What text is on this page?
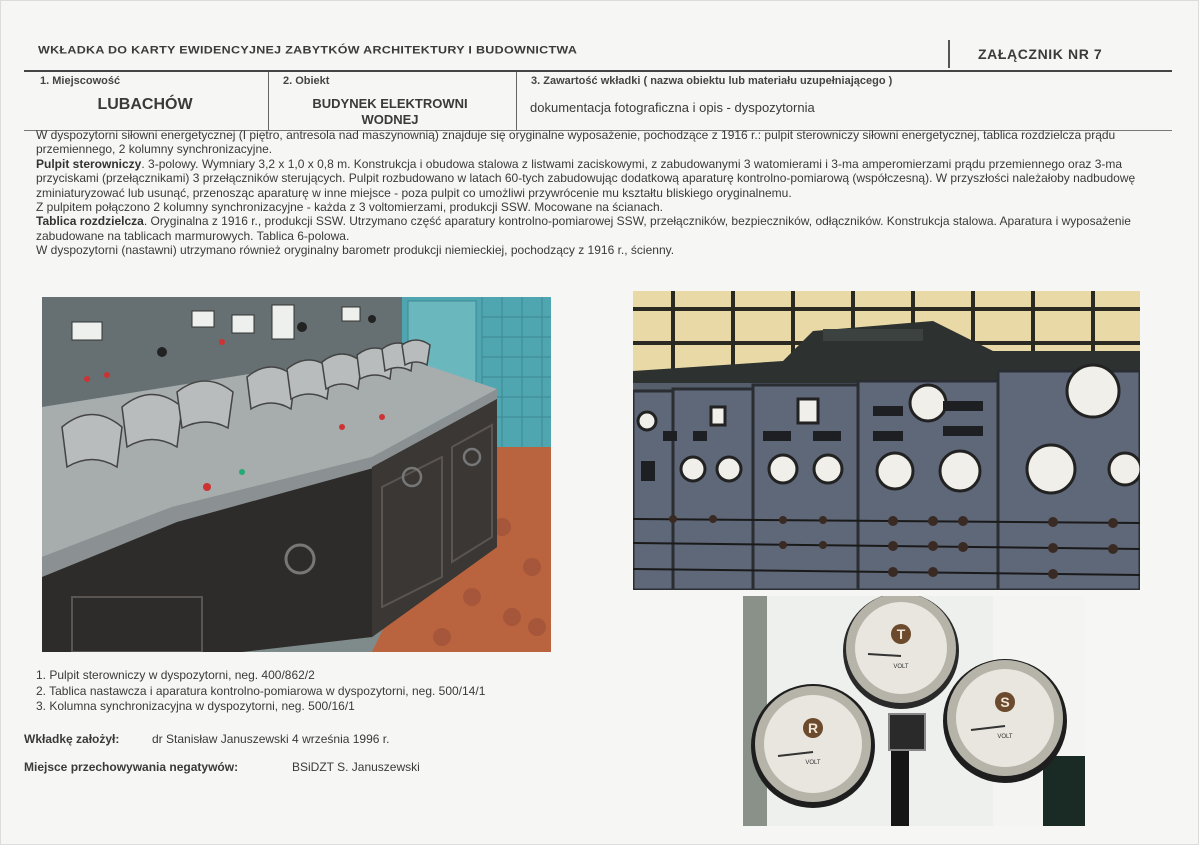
WKŁADKA DO KARTY EWIDENCYJNEJ ZABYTKÓW ARCHITEKTURY I BUDOWNICTWA	ZAŁĄCZNIK NR 7
1. Miejscowość
LUBACHÓW
2. Obiekt
BUDYNEK ELEKTROWNI
WODNEJ
3. Zawartość wkładki ( nazwa obiektu lub materiału uzupełniającego )
dokumentacja fotograficzna i opis - dyspozytornia

W dyspozytorni siłowni energetycznej (I piętro, antresola nad maszynownią) znajduje się oryginalne wyposażenie, pochodzące z 1916 r.: pulpit sterowniczy siłowni energetycznej, tablica rozdzielcza prądu przemiennego, 2 kolumny synchronizacyjne.

Pulpit sterowniczy. 3-polowy. Wymniary 3,2 x 1,0 x 0,8 m. Konstrukcja i obudowa stalowa z listwami zaciskowymi, z zabudowanymi 3 watomierami i 3-ma amperomierzami prądu przemiennego oraz 3-ma przyciskami (przełącznikami) 3 przełączników sterujących. Pulpit rozbudowano w latach 60-tych zabudowując dodatkową aparaturę kontrolno-pomiarową (współczesną). W przyszłości należałoby nadbudowę zminiaturyzować lub usunąć, przenosząc aparaturę w inne miejsce - poza pulpit co umożliwi przywrócenie mu kształtu bliskiego oryginalnemu.

Z pulpitem połączono 2 kolumny synchronizacyjne - każda z 3 voltomierzami, produkcji SSW. Mocowane na ścianach.

Tablica rozdzielcza. Oryginalna z 1916 r., produkcji SSW. Utrzymano część aparatury kontrolno-pomiarowej SSW, przełączników, bezpieczników, odłączników. Konstrukcja stalowa. Aparatura i wyposażenie zabudowane na tablicach marmurowych. Tablica 6-polowa.

W dyspozytorni (nastawni) utrzymano również oryginalny barometr produkcji niemieckiej, pochodzący z 1916 r., ścienny.

T
VOLT
R
VOLT
S
VOLT
1. Pulpit sterowniczy w dyspozytorni, neg. 400/862/2
2. Tablica nastawcza i aparatura kontrolno-pomiarowa w dyspozytorni, neg. 500/14/1
3. Kolumna synchronizacyjna w dyspozytorni, neg. 500/16/1
Wkładkę założył:	dr Stanisław Januszewski 4 września 1996 r.
Miejsce przechowywania negatywów:	BSiDZT S. Januszewski
